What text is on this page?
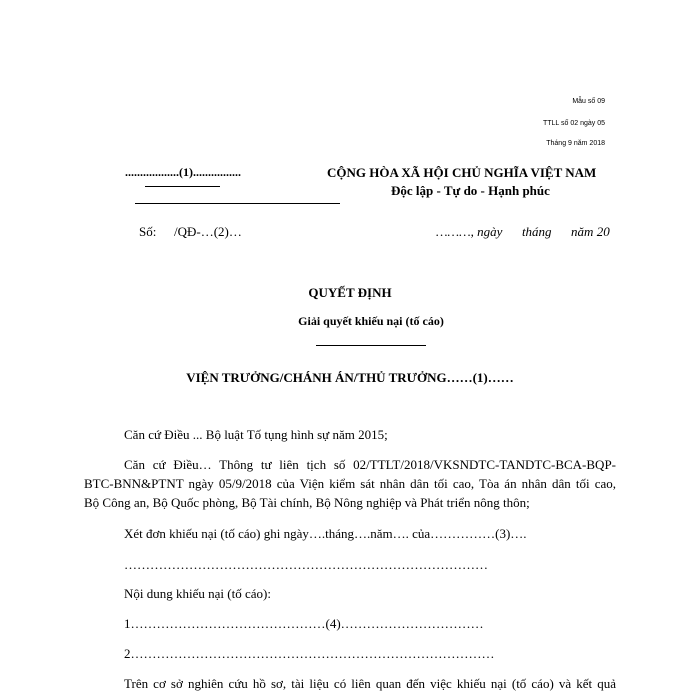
Mẫu số 09
TTLL số 02 ngày 05
Tháng 9 năm 2018
..................(1)................	CỘNG HÒA XÃ HỘI CHỦ NGHĨA VIỆT NAM
Độc lập - Tự do - Hạnh phúc
Số: /QĐ-…(2)…	………, ngày      tháng      năm 20
QUYẾT ĐỊNH
Giải quyết khiếu nại (tố cáo)
VIỆN TRƯỞNG/CHÁNH ÁN/THỦ TRƯỞNG……(1)……
Căn cứ Điều ... Bộ luật Tố tụng hình sự năm 2015;
Căn cứ Điều… Thông tư liên tịch số 02/TTLT/2018/VKSNDTC-TANDTC-BCA-BQP-
BTC-BNN&PTNT ngày 05/9/2018 của Viện kiểm sát nhân dân tối cao, Tòa án nhân dân tối cao,
Bộ Công an, Bộ Quốc phòng, Bộ Tài chính, Bộ Nông nghiệp và Phát triển nông thôn;
Xét đơn khiếu nại (tố cáo) ghi ngày….tháng….năm…. của……………(3)….
…………………………………………………………………………
Nội dung khiếu nại (tố cáo):
1………………………………………(4)……………………………
2…………………………………………………………………………
Trên cơ sở nghiên cứu hồ sơ, tài liệu có liên quan đến việc khiếu nại (tố cáo) và kết quả
